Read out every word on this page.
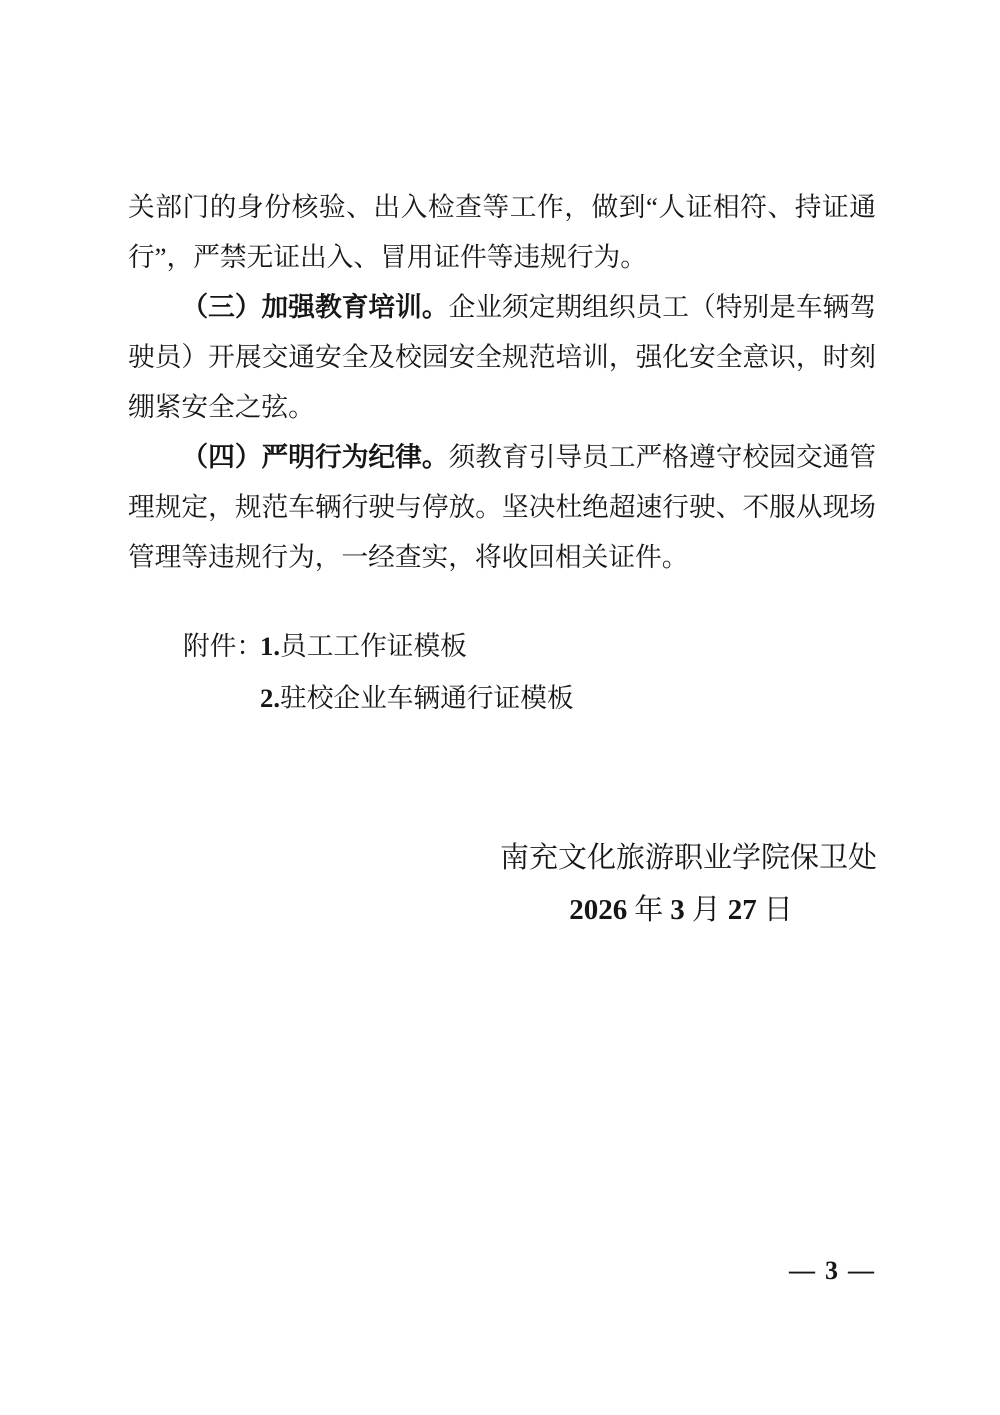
关部门的身份核验、出入检查等工作，做到“人证相符、持证通行”，严禁无证出入、冒用证件等违规行为。

（三）加强教育培训。企业须定期组织员工（特别是车辆驾驶员）开展交通安全及校园安全规范培训，强化安全意识，时刻绷紧安全之弦。

（四）严明行为纪律。须教育引导员工严格遵守校园交通管理规定，规范车辆行驶与停放。坚决杜绝超速行驶、不服从现场管理等违规行为，一经查实，将收回相关证件。

附件：1.员工工作证模板
2.驻校企业车辆通行证模板
南充文化旅游职业学院保卫处
2026 年 3 月 27 日
— 3 —
